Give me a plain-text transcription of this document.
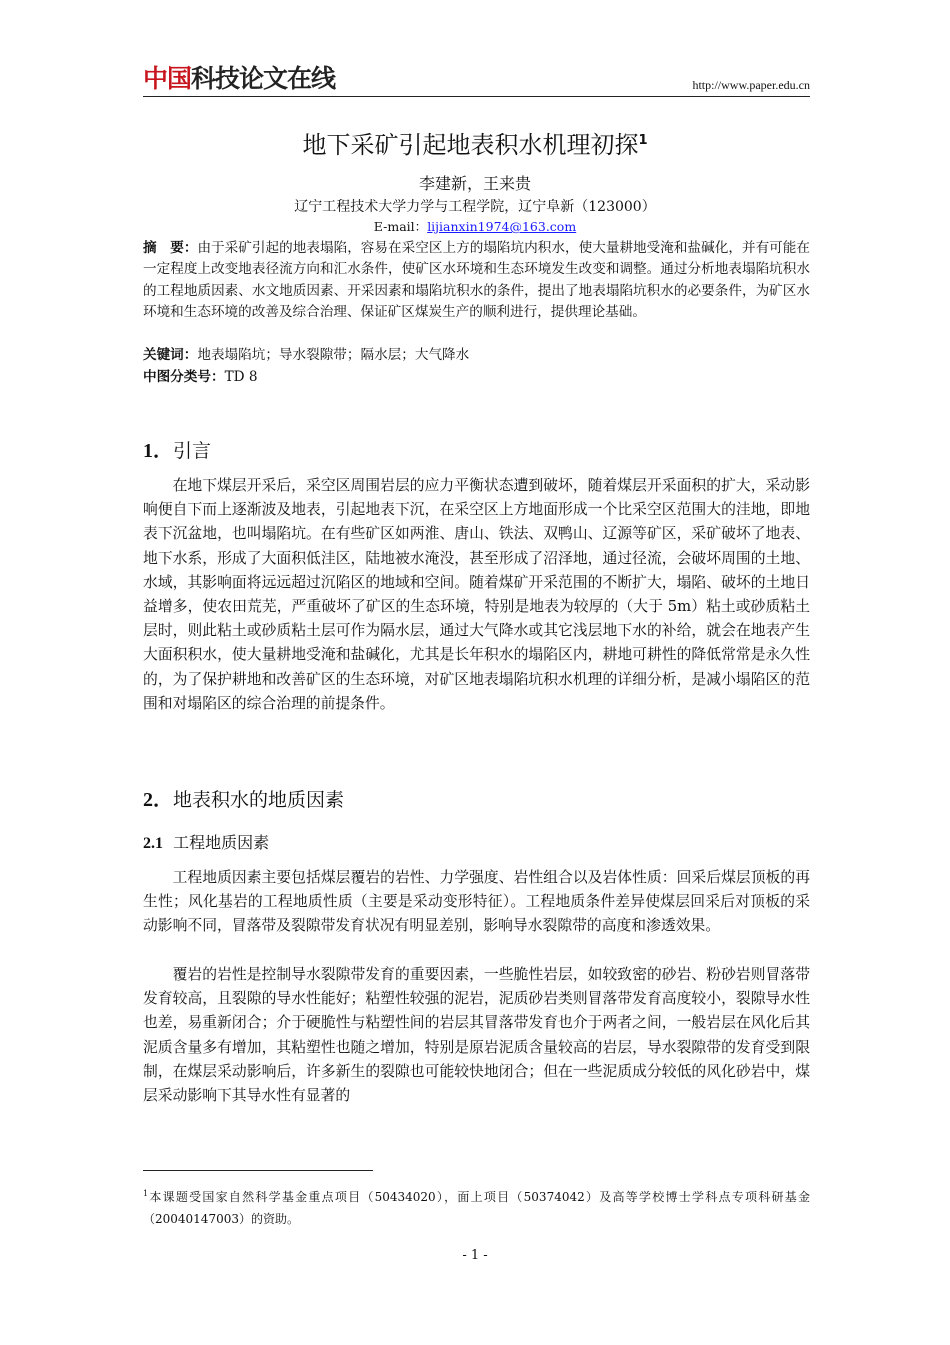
中国科技论文在线	http://www.paper.edu.cn
地下采矿引起地表积水机理初探$^1$
李建新，王来贵
辽宁工程技术大学力学与工程学院，辽宁阜新（123000）
E-mail：lijianxin1974@163.com
摘　要：由于采矿引起的地表塌陷，容易在采空区上方的塌陷坑内积水，使大量耕地受淹和盐碱化，并有可能在一定程度上改变地表径流方向和汇水条件，使矿区水环境和生态环境发生改变和调整。通过分析地表塌陷坑积水的工程地质因素、水文地质因素、开采因素和塌陷坑积水的条件，提出了地表塌陷坑积水的必要条件，为矿区水环境和生态环境的改善及综合治理、保证矿区煤炭生产的顺利进行，提供理论基础。
关键词：地表塌陷坑；导水裂隙带；隔水层；大气降水
中图分类号：TD 8
1．引言
在地下煤层开采后，采空区周围岩层的应力平衡状态遭到破坏，随着煤层开采面积的扩大，采动影响便自下而上逐渐波及地表，引起地表下沉，在采空区上方地面形成一个比采空区范围大的洼地，即地表下沉盆地，也叫塌陷坑。在有些矿区如两淮、唐山、铁法、双鸭山、辽源等矿区，采矿破坏了地表、地下水系，形成了大面积低洼区，陆地被水淹没，甚至形成了沼泽地，通过径流，会破坏周围的土地、水域，其影响面将远远超过沉陷区的地域和空间。随着煤矿开采范围的不断扩大，塌陷、破坏的土地日益增多，使农田荒芜，严重破坏了矿区的生态环境，特别是地表为较厚的（大于 5m）粘土或砂质粘土层时，则此粘土或砂质粘土层可作为隔水层，通过大气降水或其它浅层地下水的补给，就会在地表产生大面积积水，使大量耕地受淹和盐碱化，尤其是长年积水的塌陷区内，耕地可耕性的降低常常是永久性的，为了保护耕地和改善矿区的生态环境，对矿区地表塌陷坑积水机理的详细分析，是减小塌陷区的范围和对塌陷区的综合治理的前提条件。
2．地表积水的地质因素
2.1 工程地质因素
工程地质因素主要包括煤层覆岩的岩性、力学强度、岩性组合以及岩体性质：回采后煤层顶板的再生性；风化基岩的工程地质性质（主要是采动变形特征）。工程地质条件差异使煤层回采后对顶板的采动影响不同，冒落带及裂隙带发育状况有明显差别，影响导水裂隙带的高度和渗透效果。
覆岩的岩性是控制导水裂隙带发育的重要因素，一些脆性岩层，如较致密的砂岩、粉砂岩则冒落带发育较高，且裂隙的导水性能好；粘塑性较强的泥岩，泥质砂岩类则冒落带发育高度较小，裂隙导水性也差，易重新闭合；介于硬脆性与粘塑性间的岩层其冒落带发育也介于两者之间，一般岩层在风化后其泥质含量多有增加，其粘塑性也随之增加，特别是原岩泥质含量较高的岩层，导水裂隙带的发育受到限制，在煤层采动影响后，许多新生的裂隙也可能较快地闭合；但在一些泥质成分较低的风化砂岩中，煤层采动影响下其导水性有显著的
$^1$本课题受国家自然科学基金重点项目（50434020），面上项目（50374042）及高等学校博士学科点专项科研基金（20040147003）的资助。
- 1 -
